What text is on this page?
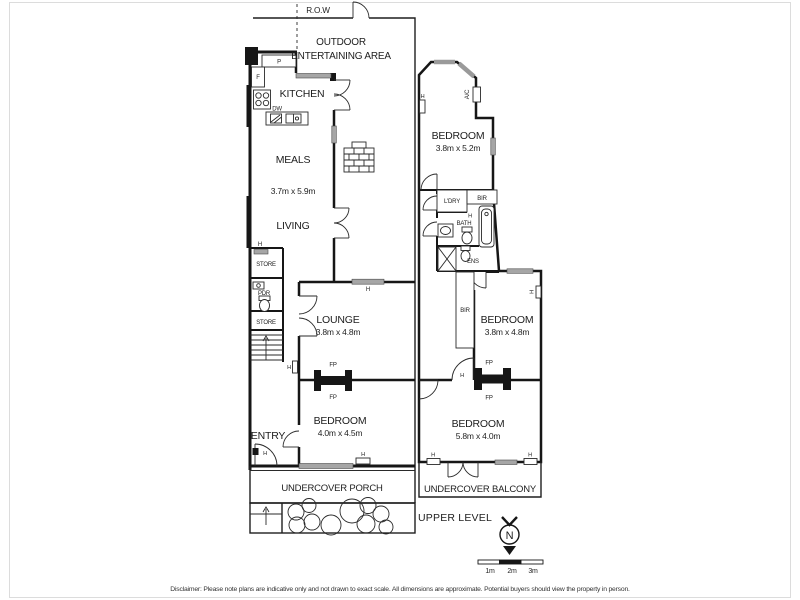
R.O.W
OUTDOOR
ENTERTAINING AREA
P
F
KITCHEN
DW
MEALS
3.7m x 5.9m
LIVING
H
STORE
PDR
STORE
H
LOUNGE
3.8m x 4.8m
H	FP
FP
ENTRY
BEDROOM
4.0m x 4.5m
H	H
UNDERCOVER PORCH
H	A/C
BEDROOM
3.8m x 5.2m
L'DRY	BIR
H
BATH
ENS
BIR
H
BEDROOM
3.8m x 4.8m
FP
FP
H
BEDROOM
5.8m x 4.0m
H	H
UNDERCOVER BALCONY
UPPER LEVEL
N
1m 2m 3m
Disclaimer: Please note plans are indicative only and not drawn to exact scale. All dimensions are approximate. Potential buyers should view the property in person.
